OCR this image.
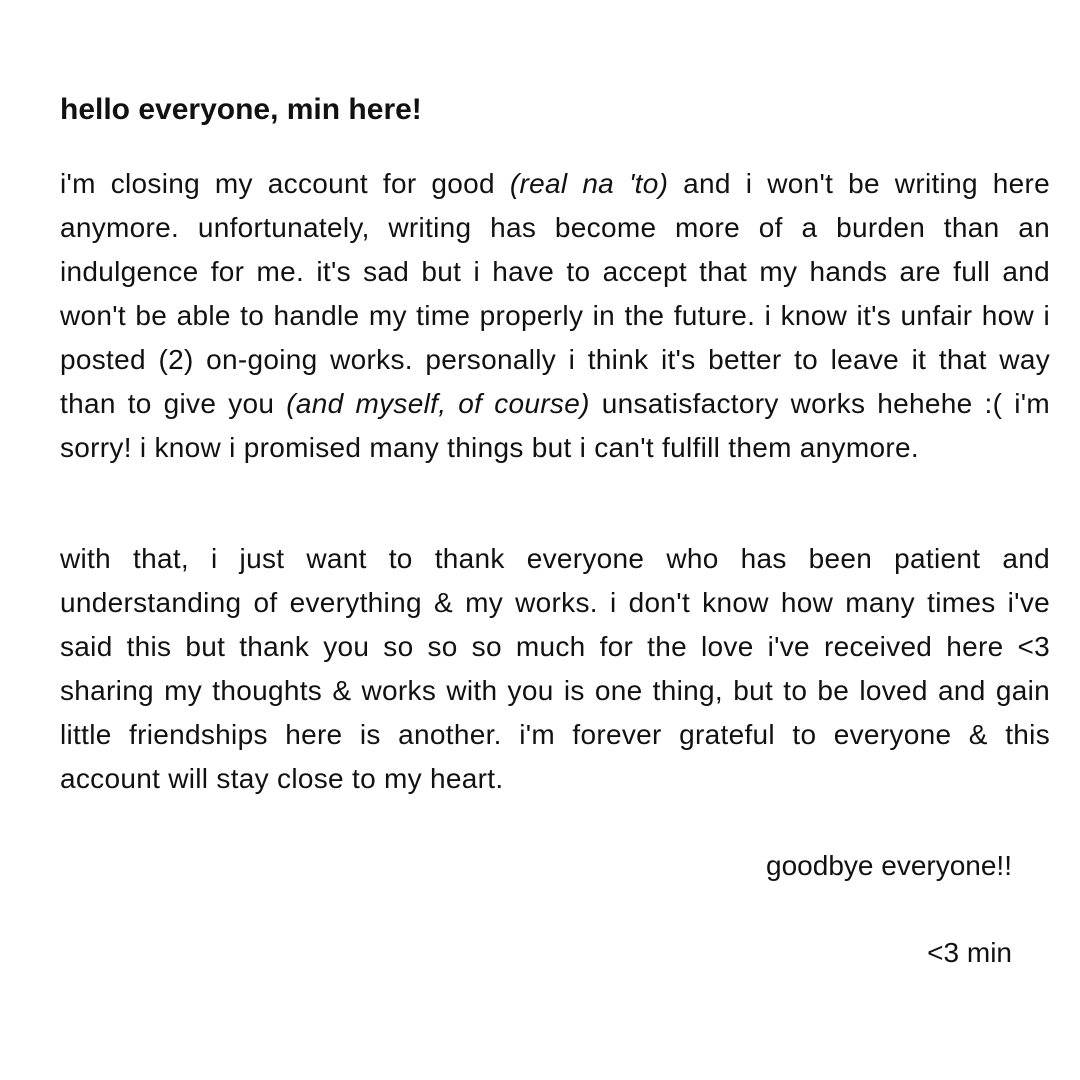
hello everyone, min here!

i'm closing my account for good (real na 'to) and i won't be writing here anymore. unfortunately, writing has become more of a burden than an indulgence for me. it's sad but i have to accept that my hands are full and won't be able to handle my time properly in the future. i know it's unfair how i posted (2) on-going works. personally i think it's better to leave it that way than to give you (and myself, of course) unsatisfactory works hehehe :( i'm sorry! i know i promised many things but i can't fulfill them anymore.

with that, i just want to thank everyone who has been patient and understanding of everything & my works. i don't know how many times i've said this but thank you so so so much for the love i've received here <3 sharing my thoughts & works with you is one thing, but to be loved and gain little friendships here is another. i'm forever grateful to everyone & this account will stay close to my heart.

goodbye everyone!!

<3 min
